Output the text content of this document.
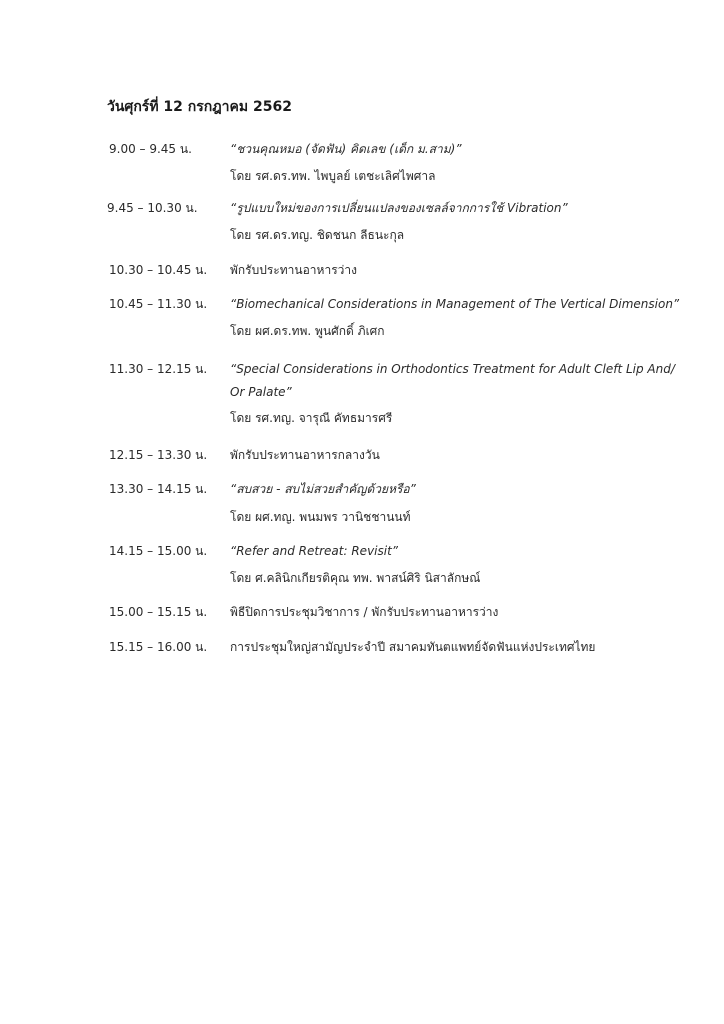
วันศุกร์ที่ 12 กรกฎาคม 2562
9.00 – 9.45 น.	“ชวนคุณหมอ (จัดฟัน) คิดเลข (เด็ก ม.สาม)”
โดย รศ.ดร.ทพ. ไพบูลย์ เตชะเลิศไพศาล
9.45 – 10.30 น.	“รูปแบบใหม่ของการเปลี่ยนแปลงของเซลล์จากการใช้ Vibration”
โดย รศ.ดร.ทญ. ชิดชนก ลีธนะกุล
10.30 – 10.45 น. พักรับประทานอาหารว่าง
10.45 – 11.30 น. “Biomechanical Considerations in Management of The Vertical Dimension”
โดย ผศ.ดร.ทพ. พูนศักดิ์ ภิเศก
11.30 – 12.15 น. “Special Considerations in Orthodontics Treatment for Adult Cleft Lip And/
Or Palate”
โดย รศ.ทญ. จารุณี คัทธมารศรี
12.15 – 13.30 น. พักรับประทานอาหารกลางวัน
13.30 – 14.15 น. “สบสวย - สบไม่สวยสำคัญด้วยหรือ”
โดย ผศ.ทญ. พนมพร วานิชชานนท์
14.15 – 15.00 น. “Refer and Retreat: Revisit”
โดย ศ.คลินิกเกียรติคุณ ทพ. พาสน์ศิริ นิสาลักษณ์
15.00 – 15.15 น. พิธีปิดการประชุมวิชาการ / พักรับประทานอาหารว่าง
15.15 – 16.00 น. การประชุมใหญ่สามัญประจำปี สมาคมทันตแพทย์จัดฟันแห่งประเทศไทย
